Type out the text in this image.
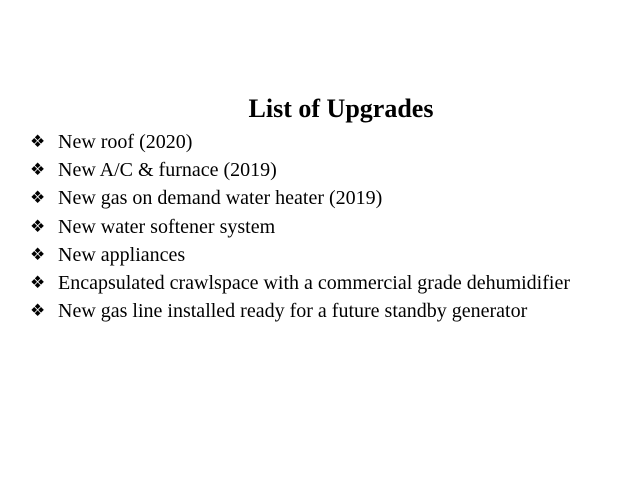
List of Upgrades
❖ New roof (2020)
❖ New A/C & furnace (2019)
❖ New gas on demand water heater (2019)
❖ New water softener system
❖ New appliances
❖ Encapsulated crawlspace with a commercial grade dehumidifier
❖ New gas line installed ready for a future standby generator
